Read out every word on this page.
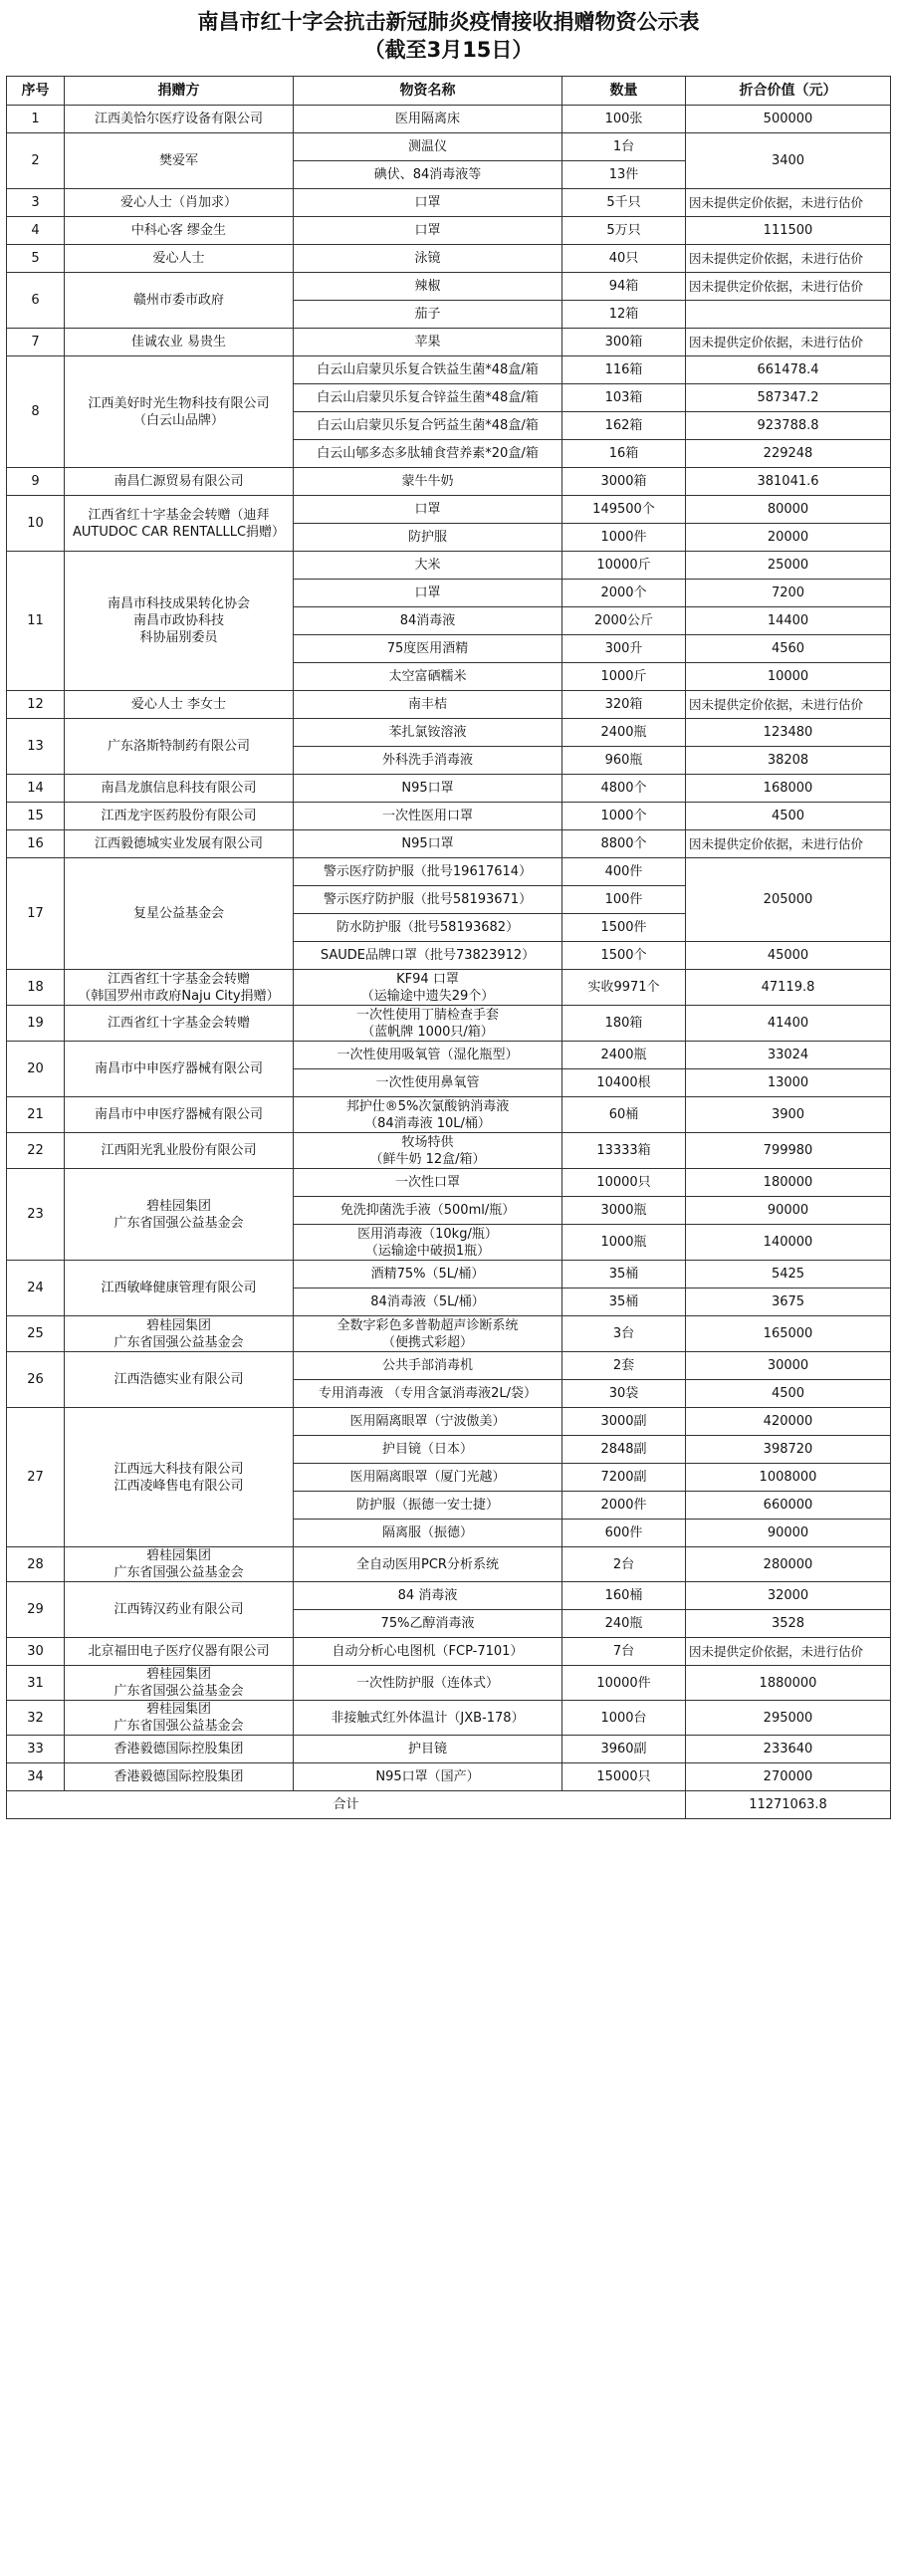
南昌市红十字会抗击新冠肺炎疫情接收捐赠物资公示表
（截至3月15日）
序号	捐赠方	物资名称	数量	折合价值（元）
1	江西美恰尔医疗设备有限公司	医用隔离床	100张	500000
2	樊爱军	测温仪	1台	3400
		碘伏、84消毒液等	13件	
3	爱心人士（肖加求）	口罩	5千只	因未提供定价依据，未进行估价
4	中科心客 缪金生	口罩	5万只	111500
5	爱心人士	泳镜	40只	因未提供定价依据，未进行估价
6	赣州市委市政府	辣椒	94箱	因未提供定价依据，未进行估价
		茄子	12箱	
7	佳诚农业 易贵生	苹果	300箱	因未提供定价依据，未进行估价
8	江西美好时光生物科技有限公司
（白云山品牌）	白云山启蒙贝乐复合铁益生菌*48盒/箱	116箱	661478.4
		白云山启蒙贝乐复合锌益生菌*48盒/箱	103箱	587347.2
		白云山启蒙贝乐复合钙益生菌*48盒/箱	162箱	923788.8
		白云山郇多态多肽辅食营养素*20盒/箱	16箱	229248
9	南昌仁源贸易有限公司	蒙牛牛奶	3000箱	381041.6
10	江西省红十字基金会转赠（迪拜
AUTUDOC CAR RENTALLLC捐赠）	口罩	149500个	80000
		防护服	1000件	20000
11	南昌市科技成果转化协会
南昌市政协科技
科协届别委员	大米	10000斤	25000
		口罩	2000个	7200
		84消毒液	2000公斤	14400
		75度医用酒精	300升	4560
		太空富硒糯米	1000斤	10000
12	爱心人士 李女士	南丰桔	320箱	因未提供定价依据，未进行估价
13	广东洛斯特制药有限公司	苯扎氯铵溶液	2400瓶	123480
		外科洗手消毒液	960瓶	38208
14	南昌龙旗信息科技有限公司	N95口罩	4800个	168000
15	江西龙宇医药股份有限公司	一次性医用口罩	1000个	4500
16	江西毅德城实业发展有限公司	N95口罩	8800个	因未提供定价依据，未进行估价
17	复星公益基金会	警示医疗防护服（批号19617614）	400件	205000
		警示医疗防护服（批号58193671）	100件	
		防水防护服（批号58193682）	1500件	
		SAUDE品牌口罩（批号73823912）	1500个	45000
18	江西省红十字基金会转赠
（韩国罗州市政府Naju City捐赠）	KF94 口罩
（运输途中遗失29个）	实收9971个	47119.8
19	江西省红十字基金会转赠	一次性使用丁腈检查手套
（蓝帆牌 1000只/箱）	180箱	41400
20	南昌市中申医疗器械有限公司	一次性使用吸氧管（湿化瓶型）	2400瓶	33024
		一次性使用鼻氧管	10400根	13000
21	南昌市中申医疗器械有限公司	邦护仕®5%次氯酸钠消毒液
（84消毒液 10L/桶）	60桶	3900
22	江西阳光乳业股份有限公司	牧场特供
（鲜牛奶 12盒/箱）	13333箱	799980
23	碧桂园集团
广东省国强公益基金会	一次性口罩	10000只	180000
		免洗抑菌洗手液（500ml/瓶）	3000瓶	90000
		医用消毒液（10kg/瓶）
（运输途中破损1瓶）	1000瓶	140000
24	江西敏峰健康管理有限公司	酒精75%（5L/桶）	35桶	5425
		84消毒液（5L/桶）	35桶	3675
25	碧桂园集团
广东省国强公益基金会	全数字彩色多普勒超声诊断系统
（便携式彩超）	3台	165000
26	江西浩德实业有限公司	公共手部消毒机	2套	30000
		专用消毒液 （专用含氯消毒液2L/袋）	30袋	4500
27	江西远大科技有限公司
江西凌峰售电有限公司	医用隔离眼罩（宁波傲美）	3000副	420000
		护目镜（日本）	2848副	398720
		医用隔离眼罩（厦门光越）	7200副	1008000
		防护服（振德一安士捷）	2000件	660000
		隔离服（振德）	600件	90000
28	碧桂园集团
广东省国强公益基金会	全自动医用PCR分析系统	2台	280000
29	江西铸汉药业有限公司	84 消毒液	160桶	32000
		75%乙醇消毒液	240瓶	3528
30	北京福田电子医疗仪器有限公司	自动分析心电图机（FCP-7101）	7台	因未提供定价依据，未进行估价
31	碧桂园集团
广东省国强公益基金会	一次性防护服（连体式）	10000件	1880000
32	碧桂园集团
广东省国强公益基金会	非接触式红外体温计（JXB-178）	1000台	295000
33	香港毅德国际控股集团	护目镜	3960副	233640
34	香港毅德国际控股集团	N95口罩（国产）	15000只	270000
合计				11271063.8
